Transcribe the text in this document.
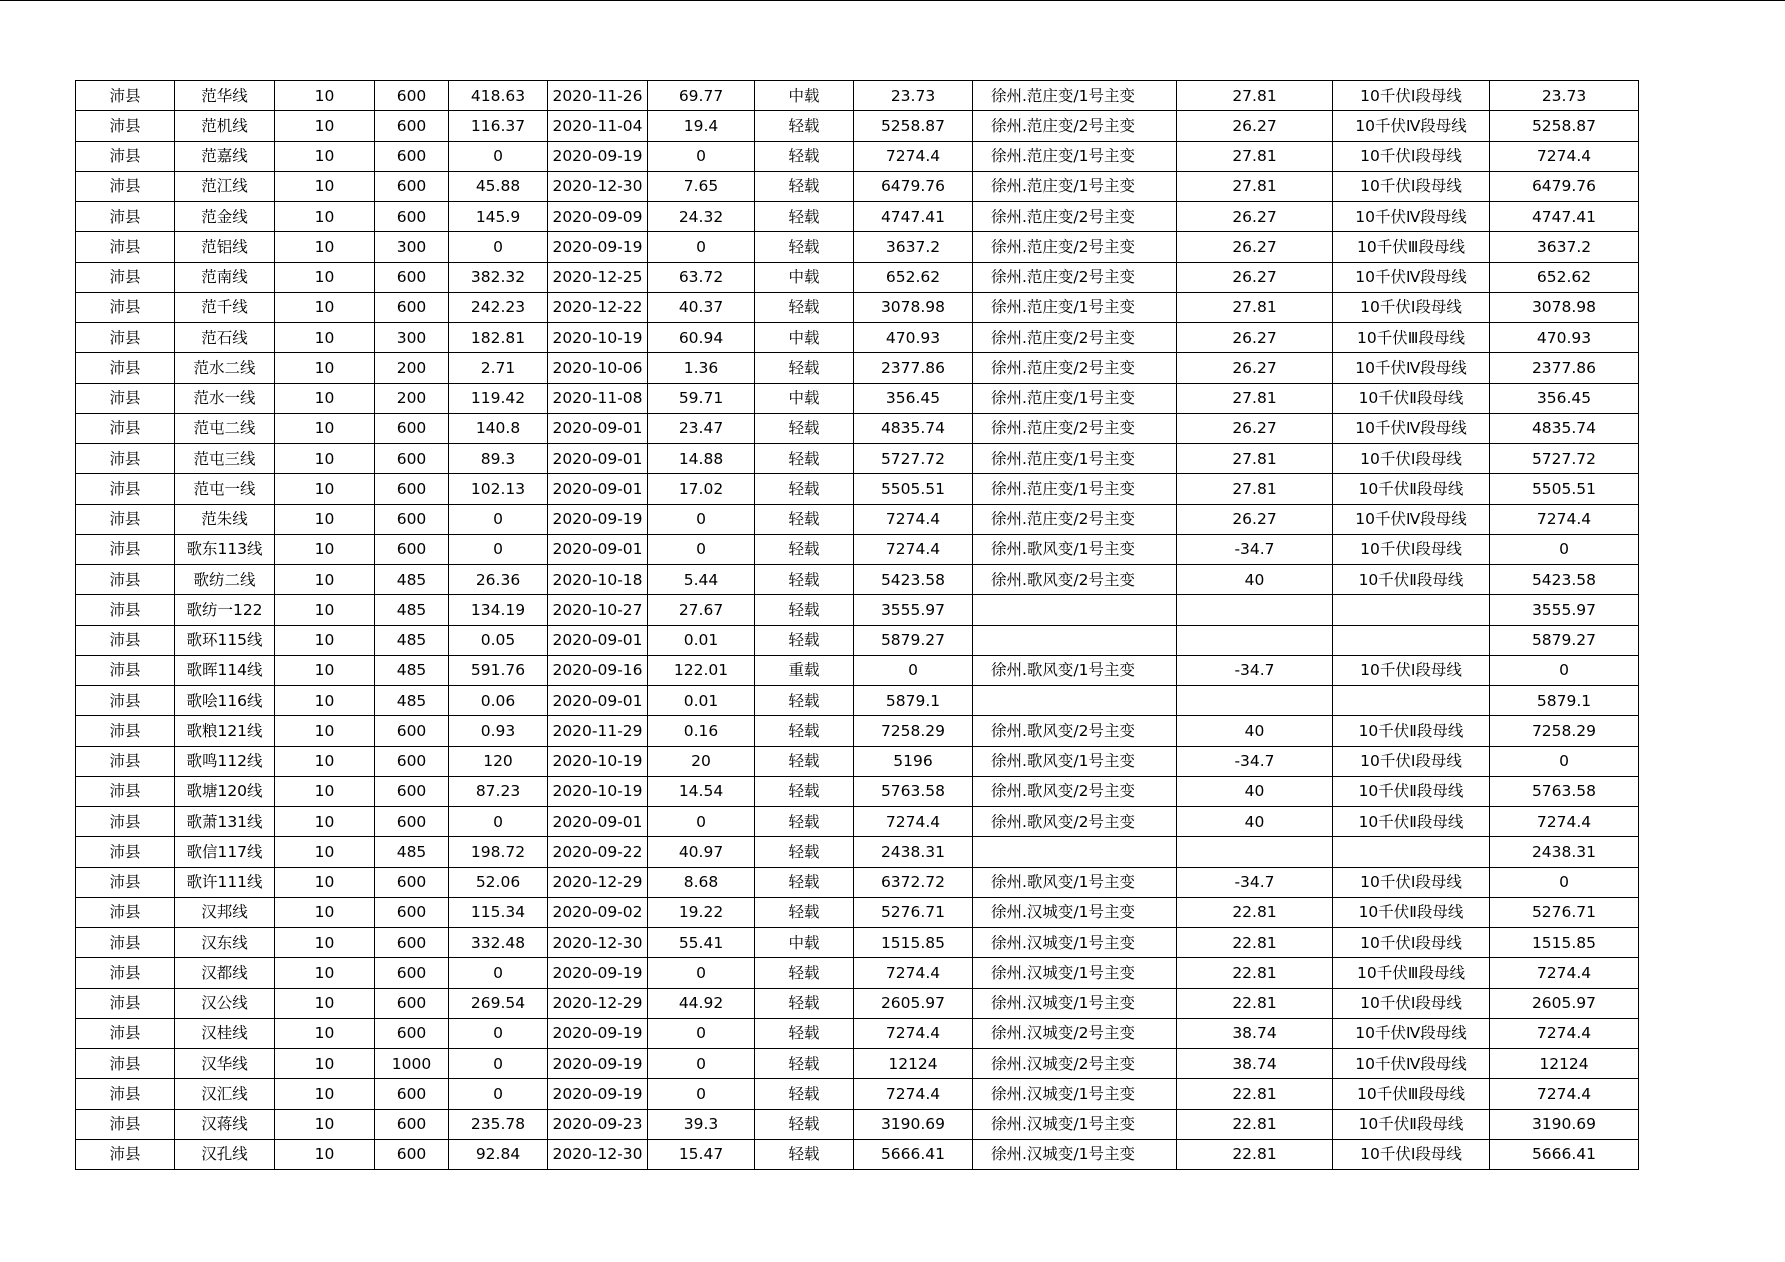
沛县	范华线	10	600	418.63	2020-11-26	69.77	中载	23.73	徐州.范庄变/1号主变	27.81	10千伏Ⅰ段母线	23.73
沛县	范机线	10	600	116.37	2020-11-04	19.4	轻载	5258.87	徐州.范庄变/2号主变	26.27	10千伏Ⅳ段母线	5258.87
沛县	范嘉线	10	600	0	2020-09-19	0	轻载	7274.4	徐州.范庄变/1号主变	27.81	10千伏Ⅰ段母线	7274.4
沛县	范江线	10	600	45.88	2020-12-30	7.65	轻载	6479.76	徐州.范庄变/1号主变	27.81	10千伏Ⅰ段母线	6479.76
沛县	范金线	10	600	145.9	2020-09-09	24.32	轻载	4747.41	徐州.范庄变/2号主变	26.27	10千伏Ⅳ段母线	4747.41
沛县	范铝线	10	300	0	2020-09-19	0	轻载	3637.2	徐州.范庄变/2号主变	26.27	10千伏Ⅲ段母线	3637.2
沛县	范南线	10	600	382.32	2020-12-25	63.72	中载	652.62	徐州.范庄变/2号主变	26.27	10千伏Ⅳ段母线	652.62
沛县	范千线	10	600	242.23	2020-12-22	40.37	轻载	3078.98	徐州.范庄变/1号主变	27.81	10千伏Ⅰ段母线	3078.98
沛县	范石线	10	300	182.81	2020-10-19	60.94	中载	470.93	徐州.范庄变/2号主变	26.27	10千伏Ⅲ段母线	470.93
沛县	范水二线	10	200	2.71	2020-10-06	1.36	轻载	2377.86	徐州.范庄变/2号主变	26.27	10千伏Ⅳ段母线	2377.86
沛县	范水一线	10	200	119.42	2020-11-08	59.71	中载	356.45	徐州.范庄变/1号主变	27.81	10千伏Ⅱ段母线	356.45
沛县	范屯二线	10	600	140.8	2020-09-01	23.47	轻载	4835.74	徐州.范庄变/2号主变	26.27	10千伏Ⅳ段母线	4835.74
沛县	范屯三线	10	600	89.3	2020-09-01	14.88	轻载	5727.72	徐州.范庄变/1号主变	27.81	10千伏Ⅰ段母线	5727.72
沛县	范屯一线	10	600	102.13	2020-09-01	17.02	轻载	5505.51	徐州.范庄变/1号主变	27.81	10千伏Ⅱ段母线	5505.51
沛县	范朱线	10	600	0	2020-09-19	0	轻载	7274.4	徐州.范庄变/2号主变	26.27	10千伏Ⅳ段母线	7274.4
沛县	歌东113线	10	600	0	2020-09-01	0	轻载	7274.4	徐州.歌风变/1号主变	-34.7	10千伏Ⅰ段母线	0
沛县	歌纺二线	10	485	26.36	2020-10-18	5.44	轻载	5423.58	徐州.歌风变/2号主变	40	10千伏Ⅱ段母线	5423.58
沛县	歌纺一122	10	485	134.19	2020-10-27	27.67	轻载	3555.97				3555.97
沛县	歌环115线	10	485	0.05	2020-09-01	0.01	轻载	5879.27				5879.27
沛县	歌晖114线	10	485	591.76	2020-09-16	122.01	重载	0	徐州.歌风变/1号主变	-34.7	10千伏Ⅰ段母线	0
沛县	歌哙116线	10	485	0.06	2020-09-01	0.01	轻载	5879.1				5879.1
沛县	歌粮121线	10	600	0.93	2020-11-29	0.16	轻载	7258.29	徐州.歌风变/2号主变	40	10千伏Ⅱ段母线	7258.29
沛县	歌鸣112线	10	600	120	2020-10-19	20	轻载	5196	徐州.歌风变/1号主变	-34.7	10千伏Ⅰ段母线	0
沛县	歌塘120线	10	600	87.23	2020-10-19	14.54	轻载	5763.58	徐州.歌风变/2号主变	40	10千伏Ⅱ段母线	5763.58
沛县	歌萧131线	10	600	0	2020-09-01	0	轻载	7274.4	徐州.歌风变/2号主变	40	10千伏Ⅱ段母线	7274.4
沛县	歌信117线	10	485	198.72	2020-09-22	40.97	轻载	2438.31				2438.31
沛县	歌许111线	10	600	52.06	2020-12-29	8.68	轻载	6372.72	徐州.歌风变/1号主变	-34.7	10千伏Ⅰ段母线	0
沛县	汉邦线	10	600	115.34	2020-09-02	19.22	轻载	5276.71	徐州.汉城变/1号主变	22.81	10千伏Ⅱ段母线	5276.71
沛县	汉东线	10	600	332.48	2020-12-30	55.41	中载	1515.85	徐州.汉城变/1号主变	22.81	10千伏Ⅰ段母线	1515.85
沛县	汉都线	10	600	0	2020-09-19	0	轻载	7274.4	徐州.汉城变/1号主变	22.81	10千伏Ⅲ段母线	7274.4
沛县	汉公线	10	600	269.54	2020-12-29	44.92	轻载	2605.97	徐州.汉城变/1号主变	22.81	10千伏Ⅰ段母线	2605.97
沛县	汉桂线	10	600	0	2020-09-19	0	轻载	7274.4	徐州.汉城变/2号主变	38.74	10千伏Ⅳ段母线	7274.4
沛县	汉华线	10	1000	0	2020-09-19	0	轻载	12124	徐州.汉城变/2号主变	38.74	10千伏Ⅳ段母线	12124
沛县	汉汇线	10	600	0	2020-09-19	0	轻载	7274.4	徐州.汉城变/1号主变	22.81	10千伏Ⅲ段母线	7274.4
沛县	汉蒋线	10	600	235.78	2020-09-23	39.3	轻载	3190.69	徐州.汉城变/1号主变	22.81	10千伏Ⅱ段母线	3190.69
沛县	汉孔线	10	600	92.84	2020-12-30	15.47	轻载	5666.41	徐州.汉城变/1号主变	22.81	10千伏Ⅰ段母线	5666.41
